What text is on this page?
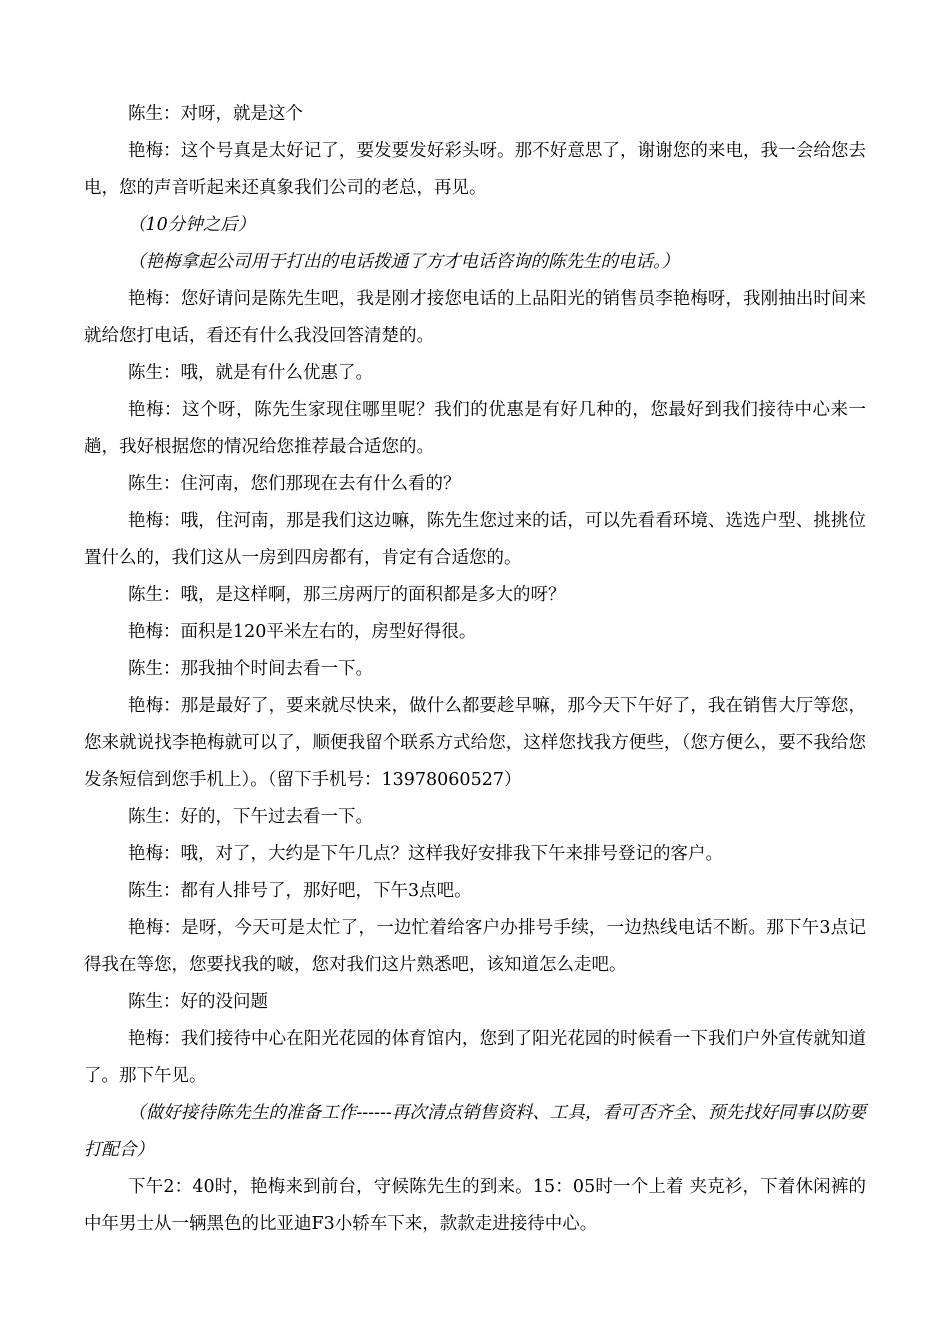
陈生：对呀，就是这个

艳梅：这个号真是太好记了，要发要发好彩头呀。那不好意思了，谢谢您的来电，我一会给您去电，您的声音听起来还真象我们公司的老总，再见。

（10分钟之后）

（艳梅拿起公司用于打出的电话拨通了方才电话咨询的陈先生的电话。）

艳梅：您好请问是陈先生吧，我是刚才接您电话的上品阳光的销售员李艳梅呀，我刚抽出时间来就给您打电话，看还有什么我没回答清楚的。

陈生：哦，就是有什么优惠了。

艳梅：这个呀，陈先生家现住哪里呢？我们的优惠是有好几种的，您最好到我们接待中心来一趟，我好根据您的情况给您推荐最合适您的。

陈生：住河南，您们那现在去有什么看的？

艳梅：哦，住河南，那是我们这边嘛，陈先生您过来的话，可以先看看环境、选选户型、挑挑位置什么的，我们这从一房到四房都有，肯定有合适您的。

陈生：哦，是这样啊，那三房两厅的面积都是多大的呀？

艳梅：面积是120平米左右的，房型好得很。

陈生：那我抽个时间去看一下。

艳梅：那是最好了，要来就尽快来，做什么都要趁早嘛，那今天下午好了，我在销售大厅等您，您来就说找李艳梅就可以了，顺便我留个联系方式给您，这样您找我方便些，（您方便么，要不我给您发条短信到您手机上）。（留下手机号：13978060527）

陈生：好的，下午过去看一下。

艳梅：哦，对了，大约是下午几点？这样我好安排我下午来排号登记的客户。

陈生：都有人排号了，那好吧，下午3点吧。

艳梅：是呀，今天可是太忙了，一边忙着给客户办排号手续，一边热线电话不断。那下午3点记得我在等您，您要找我的啵，您对我们这片熟悉吧，该知道怎么走吧。

陈生：好的没问题

艳梅：我们接待中心在阳光花园的体育馆内，您到了阳光花园的时候看一下我们户外宣传就知道了。那下午见。

（做好接待陈先生的准备工作------再次清点销售资料、工具，看可否齐全、预先找好同事以防要打配合）

下午2：40时，艳梅来到前台，守候陈先生的到来。15：05时一个上着 夹克衫，下着休闲裤的中年男士从一辆黑色的比亚迪F3小轿车下来，款款走进接待中心。
